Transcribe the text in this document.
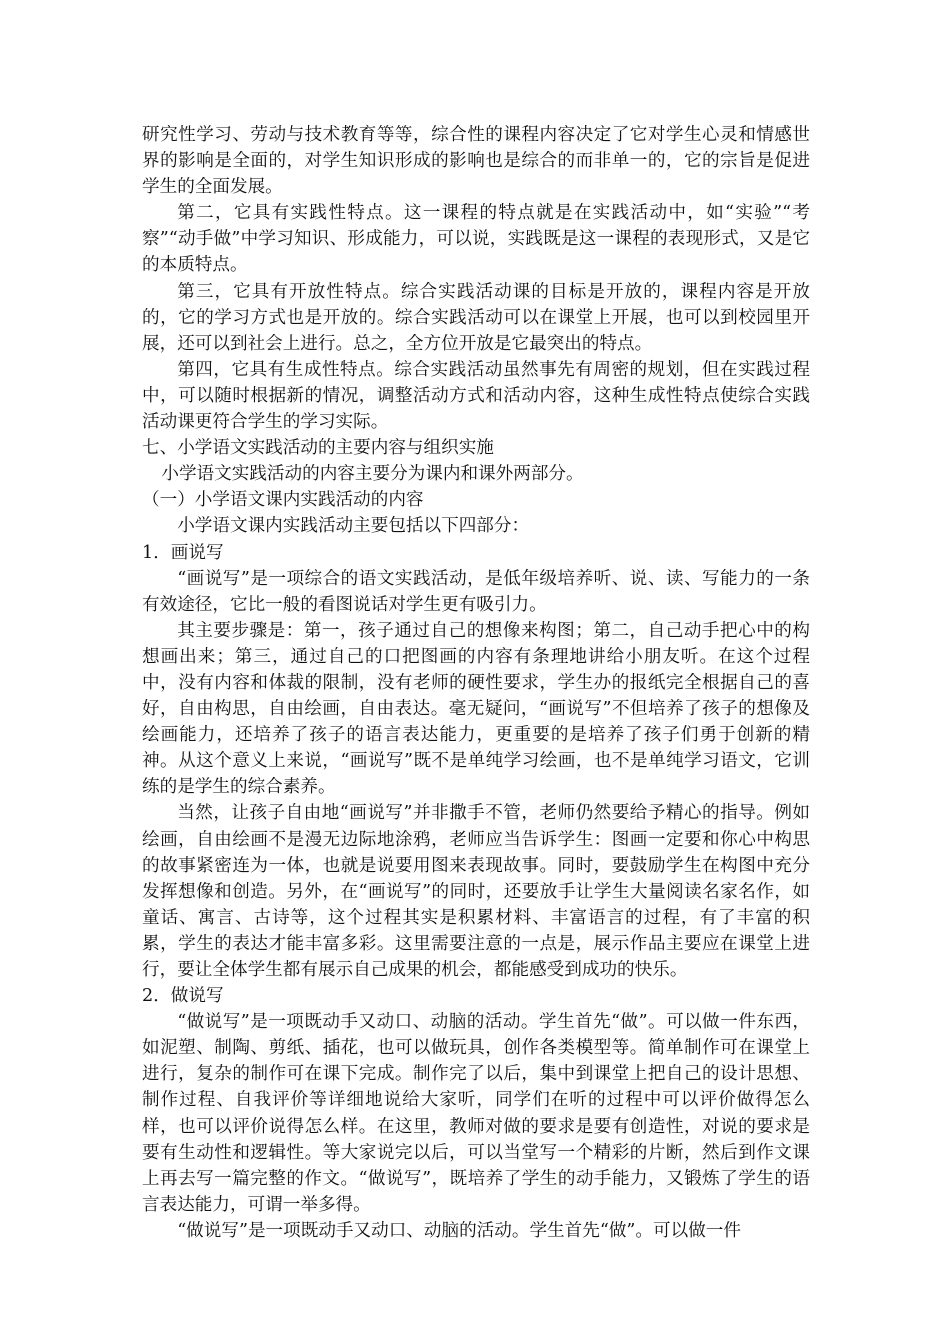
研究性学习、劳动与技术教育等等，综合性的课程内容决定了它对学生心灵和情感世界的影响是全面的，对学生知识形成的影响也是综合的而非单一的，它的宗旨是促进学生的全面发展。

第二，它具有实践性特点。这一课程的特点就是在实践活动中，如“实验”“考察”“动手做”中学习知识、形成能力，可以说，实践既是这一课程的表现形式，又是它的本质特点。

第三，它具有开放性特点。综合实践活动课的目标是开放的，课程内容是开放的，它的学习方式也是开放的。综合实践活动可以在课堂上开展，也可以到校园里开展，还可以到社会上进行。总之，全方位开放是它最突出的特点。

第四，它具有生成性特点。综合实践活动虽然事先有周密的规划，但在实践过程中，可以随时根据新的情况，调整活动方式和活动内容，这种生成性特点使综合实践活动课更符合学生的学习实际。

七、小学语文实践活动的主要内容与组织实施

小学语文实践活动的内容主要分为课内和课外两部分。

（一）小学语文课内实践活动的内容

小学语文课内实践活动主要包括以下四部分：

1．画说写

“画说写”是一项综合的语文实践活动，是低年级培养听、说、读、写能力的一条有效途径，它比一般的看图说话对学生更有吸引力。

其主要步骤是：第一，孩子通过自己的想像来构图；第二，自己动手把心中的构想画出来；第三，通过自己的口把图画的内容有条理地讲给小朋友听。在这个过程中，没有内容和体裁的限制，没有老师的硬性要求，学生办的报纸完全根据自己的喜好，自由构思，自由绘画，自由表达。毫无疑问，“画说写”不但培养了孩子的想像及绘画能力，还培养了孩子的语言表达能力，更重要的是培养了孩子们勇于创新的精神。从这个意义上来说，“画说写”既不是单纯学习绘画，也不是单纯学习语文，它训练的是学生的综合素养。

当然，让孩子自由地“画说写”并非撒手不管，老师仍然要给予精心的指导。例如绘画，自由绘画不是漫无边际地涂鸦，老师应当告诉学生：图画一定要和你心中构思的故事紧密连为一体，也就是说要用图来表现故事。同时，要鼓励学生在构图中充分发挥想像和创造。另外，在“画说写”的同时，还要放手让学生大量阅读名家名作，如童话、寓言、古诗等，这个过程其实是积累材料、丰富语言的过程，有了丰富的积累，学生的表达才能丰富多彩。这里需要注意的一点是，展示作品主要应在课堂上进行，要让全体学生都有展示自己成果的机会，都能感受到成功的快乐。

2．做说写

“做说写”是一项既动手又动口、动脑的活动。学生首先“做”。可以做一件东西，如泥塑、制陶、剪纸、插花，也可以做玩具，创作各类模型等。简单制作可在课堂上进行，复杂的制作可在课下完成。制作完了以后，集中到课堂上把自己的设计思想、制作过程、自我评价等详细地说给大家听，同学们在听的过程中可以评价做得怎么样，也可以评价说得怎么样。在这里，教师对做的要求是要有创造性，对说的要求是要有生动性和逻辑性。等大家说完以后，可以当堂写一个精彩的片断，然后到作文课上再去写一篇完整的作文。“做说写”，既培养了学生的动手能力，又锻炼了学生的语言表达能力，可谓一举多得。

“做说写”是一项既动手又动口、动脑的活动。学生首先“做”。可以做一件
